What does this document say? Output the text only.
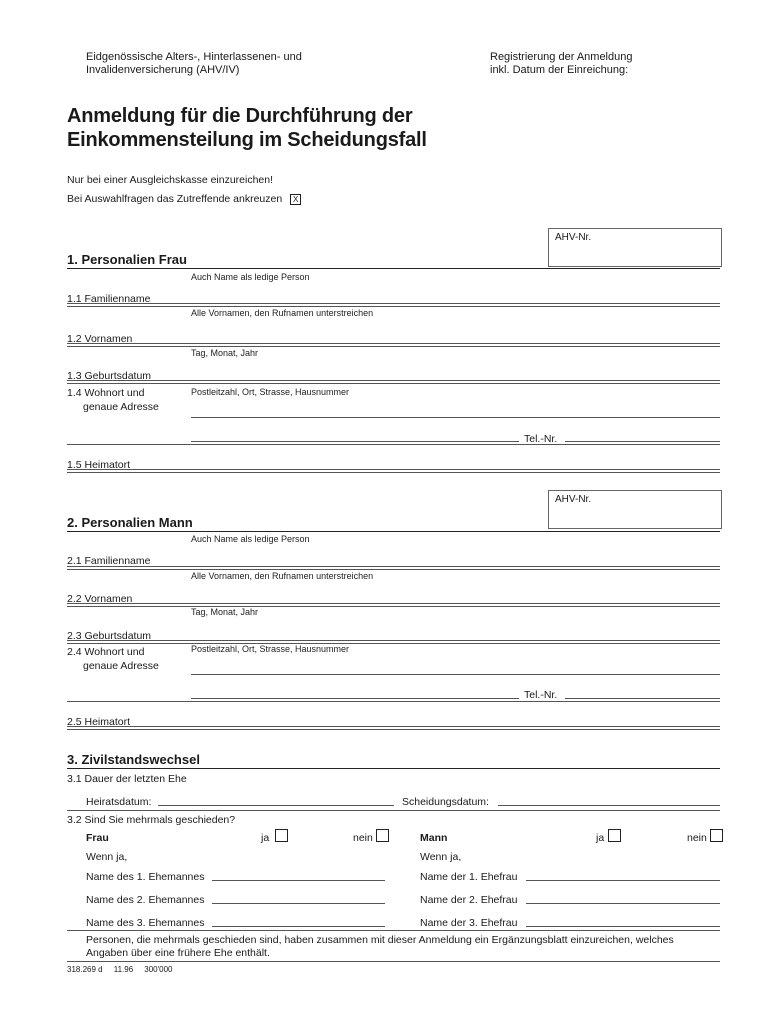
Eidgenössische Alters-, Hinterlassenen- und
Invalidenversicherung (AHV/IV)
Registrierung der Anmeldung
inkl. Datum der Einreichung:
Anmeldung für die Durchführung der
Einkommensteilung im Scheidungsfall
Nur bei einer Ausgleichskasse einzureichen!
Bei Auswahlfragen das Zutreffende ankreuzen X
AHV-Nr.
1. Personalien Frau
Auch Name als ledige Person
1.1 Familienname
Alle Vornamen, den Rufnamen unterstreichen
1.2 Vornamen
Tag, Monat, Jahr
1.3 Geburtsdatum
1.4 Wohnort und
genaue Adresse
Postleitzahl, Ort, Strasse, Hausnummer
Tel.-Nr.
1.5 Heimatort
AHV-Nr.
2. Personalien Mann
Auch Name als ledige Person
2.1 Familienname
Alle Vornamen, den Rufnamen unterstreichen
2.2 Vornamen
Tag, Monat, Jahr
2.3 Geburtsdatum
2.4 Wohnort und
genaue Adresse
Postleitzahl, Ort, Strasse, Hausnummer
Tel.-Nr.
2.5 Heimatort
3. Zivilstandswechsel
3.1 Dauer der letzten Ehe
Heiratsdatum:	Scheidungsdatum:
3.2 Sind Sie mehrmals geschieden?
Frau	ja	nein
Wenn ja,
Name des 1. Ehemannes
Name des 2. Ehemannes
Name des 3. Ehemannes
Mann	ja	nein
Wenn ja,
Name der 1. Ehefrau
Name der 2. Ehefrau
Name der 3. Ehefrau
Personen, die mehrmals geschieden sind, haben zusammen mit dieser Anmeldung ein Ergänzungsblatt einzureichen, welches
Angaben über eine frühere Ehe enthält.
318.269 d 11.96 300'000
